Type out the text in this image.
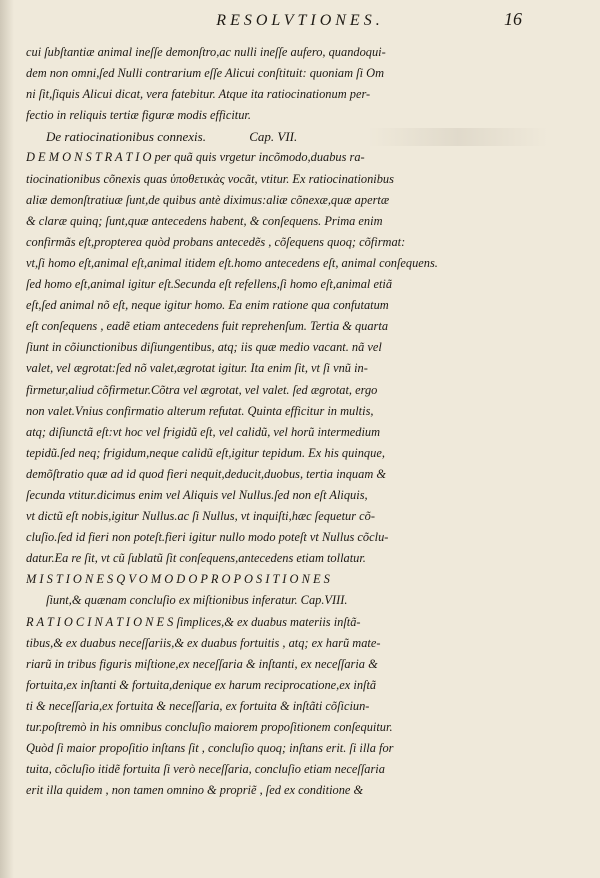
RESOLVTIONES.	16
cui ſubſtantiæ animal ineſſe demonſtro,ac nulli ineſſe aufero, quandoqui-
dem non omni,ſed Nulli contrarium eſſe Alicui conſtituit: quoniam ſi Om
ni ſit,ſiquis Alicui dicat, vera fatebitur. Atque ita ratiocinationum per-
fectio in reliquis tertiæ figuræ modis efficitur.
De ratiocinationibus connexis.	Cap. VII.
D E M O N S T R A T I O per quã quis vrgetur incõmodo,duabus ra-
tiocinationibus cõnexis quas ὑποθετικὰς vocãt, vtitur. Ex ratiocinationibus
aliæ demonſtratiuæ ſunt,de quibus antè diximus:aliæ cõnexæ,quæ apertæ
& claræ quinq; ſunt,quæ antecedens habent, & conſequens. Prima enim
confirmãs eſt,propterea quòd probans antecedẽs , cõſequens quoq; cõfirmat:
vt,ſi homo eſt,animal eſt,animal itidem eſt.homo antecedens eſt, animal conſequens.
ſed homo eſt,animal igitur eſt.Secunda eſt refellens,ſi homo eſt,animal etiã
eſt,ſed animal nõ eſt, neque igitur homo. Ea enim ratione qua confutatum
eſt conſequens , eadẽ etiam antecedens fuit reprehenſum. Tertia & quarta
ſiunt in cõiunctionibus diſiungentibus, atq; iis quæ medio vacant. nã vel
valet, vel ægrotat:ſed nõ valet,ægrotat igitur. Ita enim ſit, vt ſi vnũ in-
firmetur,aliud cõfirmetur.Cõtra vel ægrotat, vel valet. ſed ægrotat, ergo
non valet.Vnius confirmatio alterum refutat. Quinta efficitur in multis,
atq; diſiunctã eſt:vt hoc vel frigidũ eſt, vel calidũ, vel horũ intermedium
tepidũ.ſed neq; frigidum,neque calidũ eſt,igitur tepidum. Ex his quinque,
demõſtratio quæ ad id quod fieri nequit,deducit,duobus, tertia inquam &
ſecunda vtitur.dicimus enim vel Aliquis vel Nullus.ſed non eſt Aliquis,
vt dictũ eſt nobis,igitur Nullus.ac ſi Nullus, vt inquiſti,hæc ſequetur cõ-
cluſio.ſed id fieri non poteſt.fieri igitur nullo modo poteſt vt Nullus cõclu-
datur.Ea re ſit, vt cũ ſublatũ ſit conſequens,antecedens etiam tollatur.
M I S T I O N E S Q V O M O D O P R O P O S I T I O N E S
ſiunt,& quænam concluſio ex miſtionibus inferatur. Cap.VIII.
R A T I O C I N A T I O N E S ſimplices,& ex duabus materiis inſtã-
tibus,& ex duabus neceſſariis,& ex duabus fortuitis , atq; ex harũ mate-
riarũ in tribus figuris miſtione,ex neceſſaria & inſtanti, ex neceſſaria &
fortuita,ex inſtanti & fortuita,denique ex harum reciprocatione,ex inſtã
ti & neceſſaria,ex fortuita & neceſſaria, ex fortuita & inſtãti cõſiciun-
tur.poſtremò in his omnibus concluſio maiorem propoſitionem conſequitur.
Quòd ſi maior propoſitio inſtans ſit , concluſio quoq; inſtans erit. ſi illa for
tuita, cõcluſio itidẽ fortuita ſi verò neceſſaria, concluſio etiam neceſſaria
erit illa quidem , non tamen omnino & propriẽ , ſed ex conditione &
